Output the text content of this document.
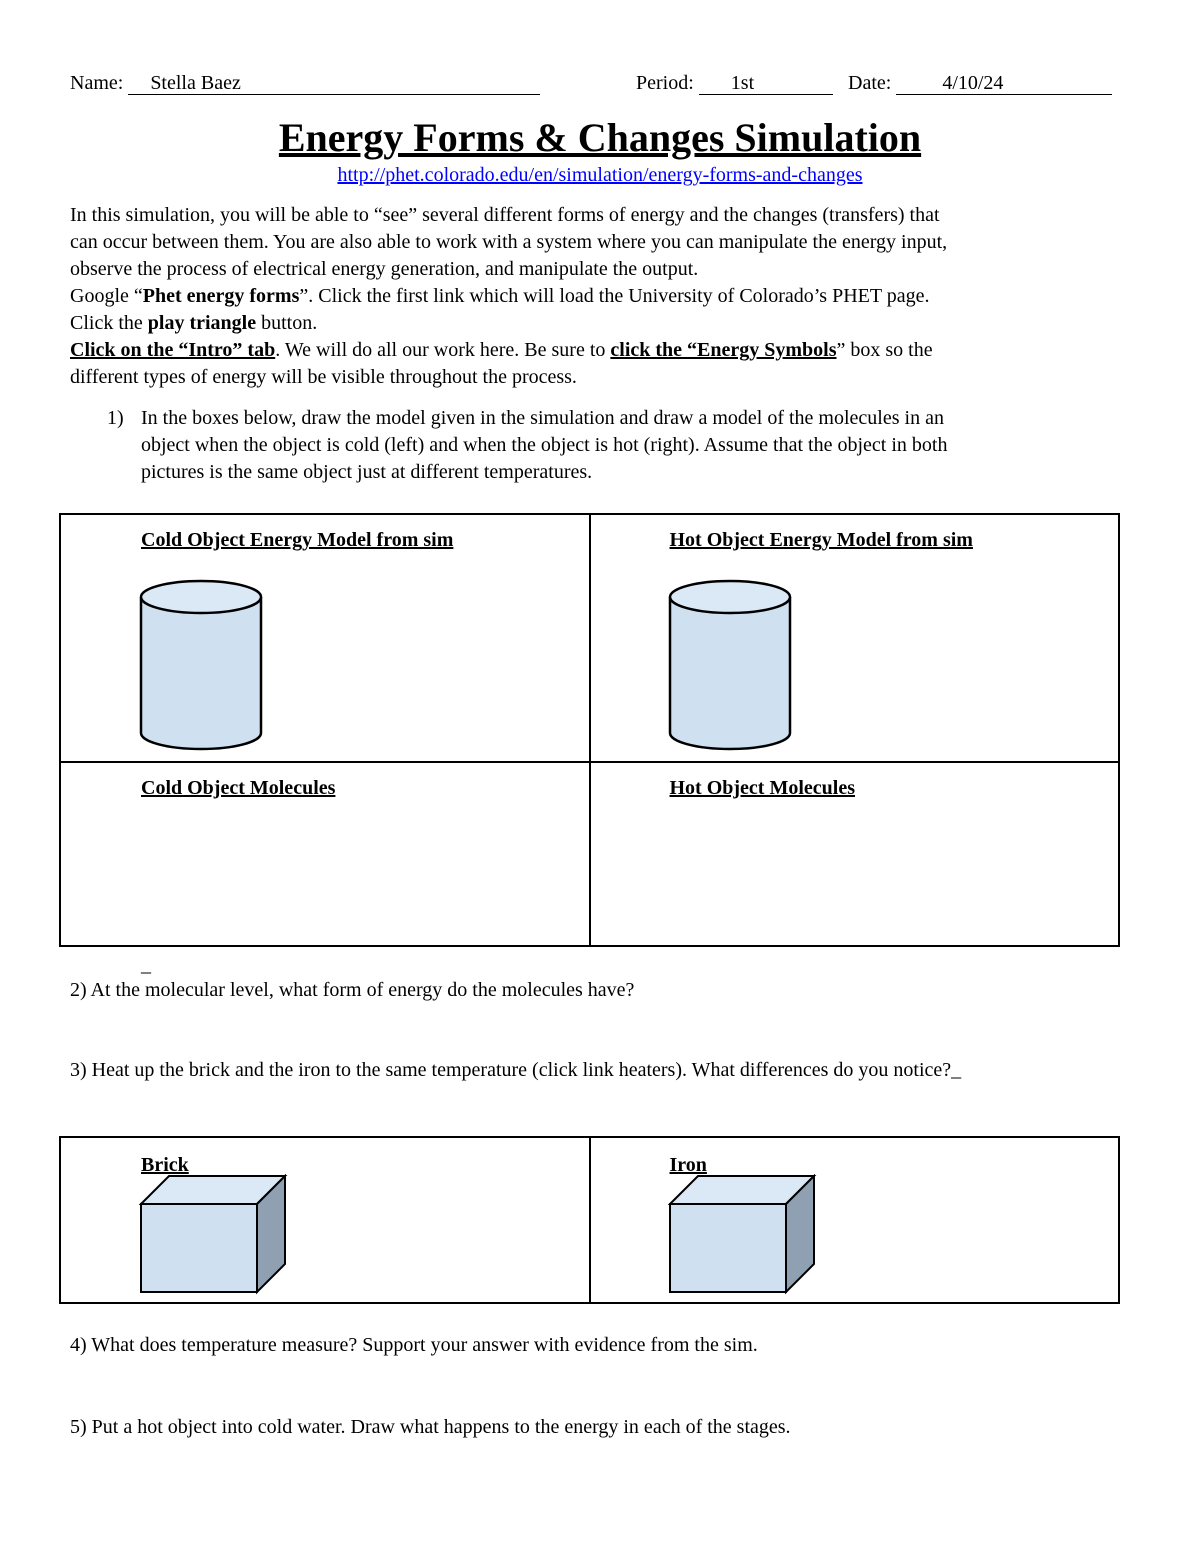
Name: Stella Baez	Period: 1st	Date:	4/10/24
Energy Forms & Changes Simulation
http://phet.colorado.edu/en/simulation/energy-forms-and-changes
In this simulation, you will be able to “see” several different forms of energy and the changes (transfers) that
can occur between them. You are also able to work with a system where you can manipulate the energy input,
observe the process of electrical energy generation, and manipulate the output.
Google “Phet energy forms”. Click the first link which will load the University of Colorado’s PHET page.
Click the play triangle button.
Click on the “Intro” tab. We will do all our work here. Be sure to click the “Energy Symbols” box so the
different types of energy will be visible throughout the process.
1) In the boxes below, draw the model given in the simulation and draw a model of the molecules in an
object when the object is cold (left) and when the object is hot (right). Assume that the object in both
pictures is the same object just at different temperatures.
Cold Object Energy Model from sim	Hot Object Energy Model from sim

Cold Object Molecules	Hot Object Molecules
_
2) At the molecular level, what form of energy do the molecules have?
3) Heat up the brick and the iron to the same temperature (click link heaters). What differences do you notice?_
Brick	Iron
4) What does temperature measure? Support your answer with evidence from the sim.
5) Put a hot object into cold water. Draw what happens to the energy in each of the stages.
